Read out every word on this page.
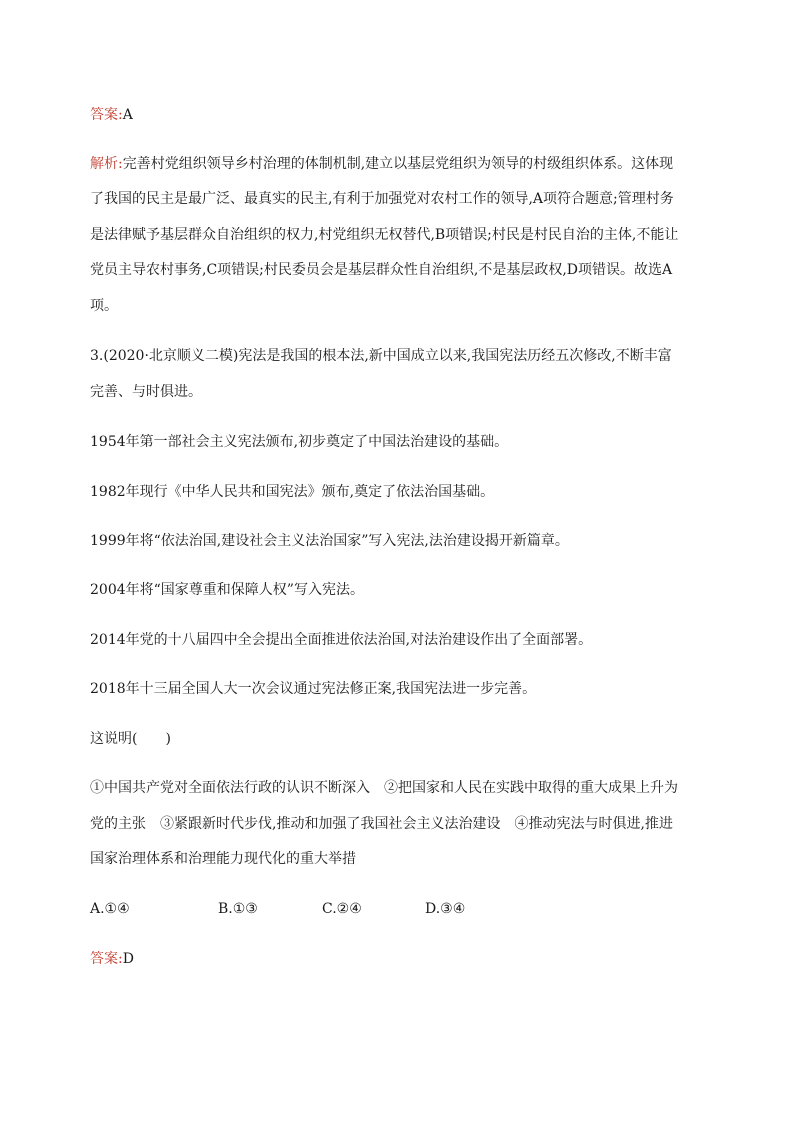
答案:A
解析:完善村党组织领导乡村治理的体制机制,建立以基层党组织为领导的村级组织体系。这体现
了我国的民主是最广泛、最真实的民主,有利于加强党对农村工作的领导,A项符合题意;管理村务
是法律赋予基层群众自治组织的权力,村党组织无权替代,B项错误;村民是村民自治的主体,不能让
党员主导农村事务,C项错误;村民委员会是基层群众性自治组织,不是基层政权,D项错误。故选A
项。
3.(2020·北京顺义二模)宪法是我国的根本法,新中国成立以来,我国宪法历经五次修改,不断丰富
完善、与时俱进。
1954年第一部社会主义宪法颁布,初步奠定了中国法治建设的基础。
1982年现行《中华人民共和国宪法》颁布,奠定了依法治国基础。
1999年将“依法治国,建设社会主义法治国家”写入宪法,法治建设揭开新篇章。
2004年将“国家尊重和保障人权”写入宪法。
2014年党的十八届四中全会提出全面推进依法治国,对法治建设作出了全面部署。
2018年十三届全国人大一次会议通过宪法修正案,我国宪法进一步完善。
这说明(　　)
①中国共产党对全面依法行政的认识不断深入　②把国家和人民在实践中取得的重大成果上升为
党的主张　③紧跟新时代步伐,推动和加强了我国社会主义法治建设　④推动宪法与时俱进,推进
国家治理体系和治理能力现代化的重大举措
A.①④	B.①③	C.②④	D.③④
答案:D
